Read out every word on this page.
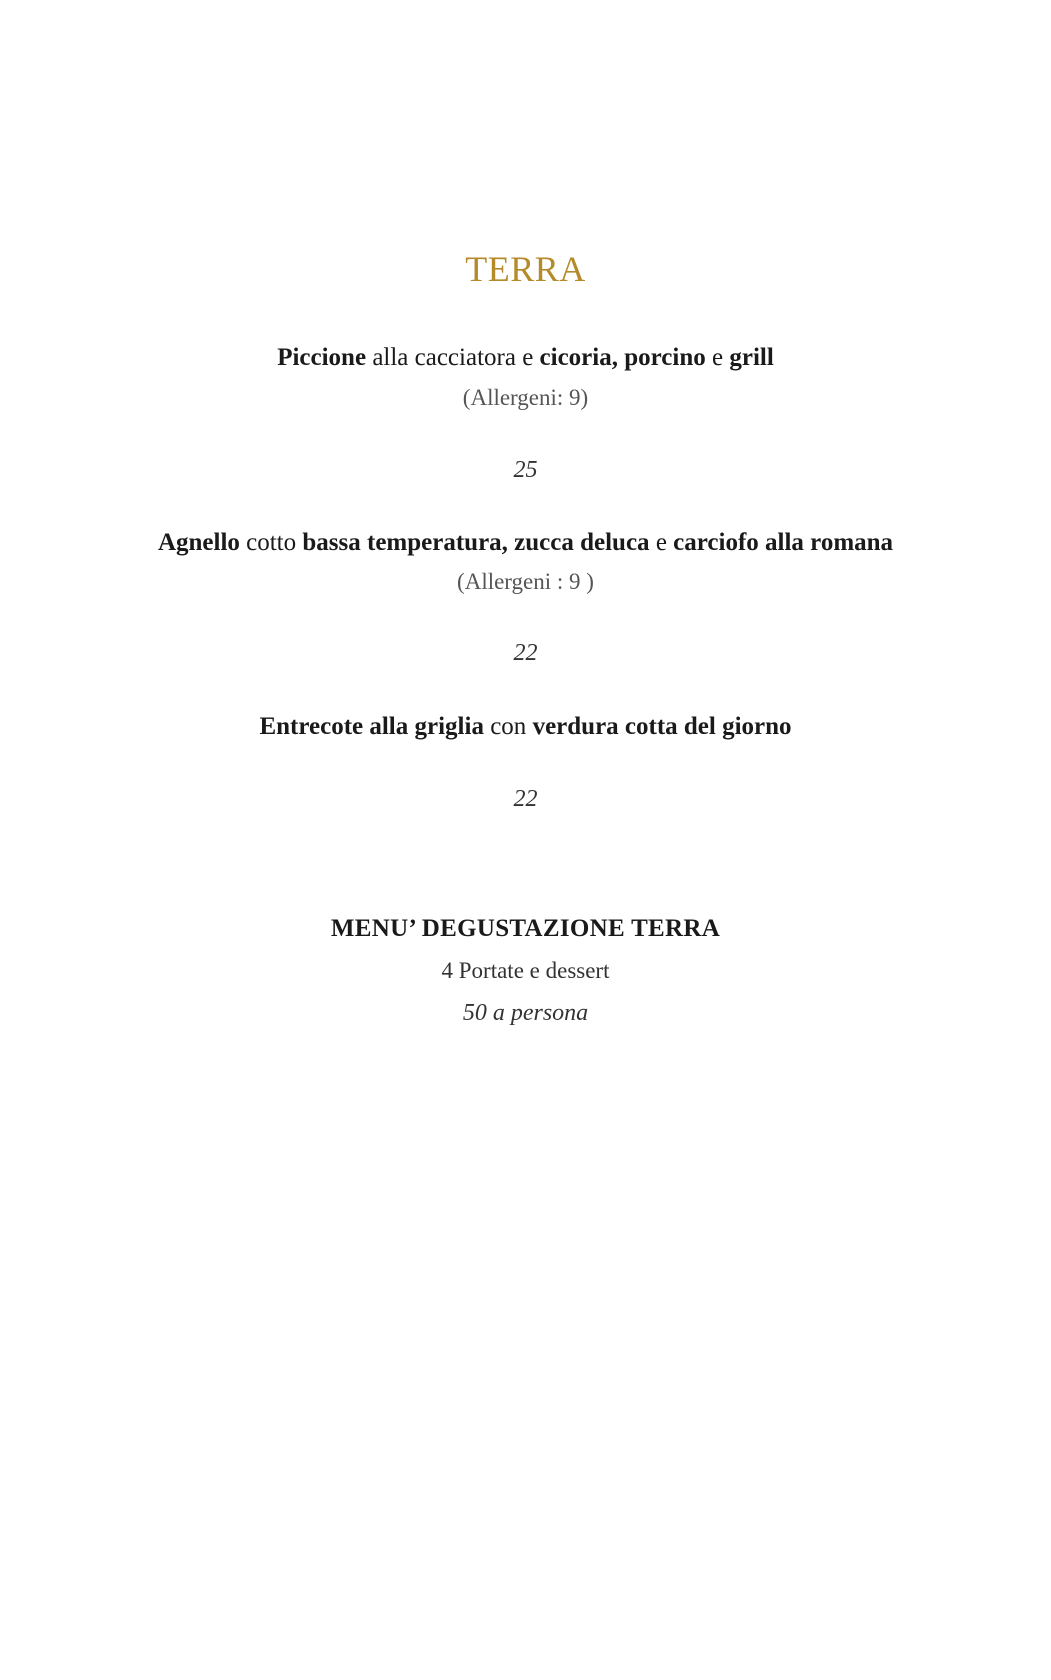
TERRA
Piccione alla cacciatora e cicoria, porcino e grill
(Allergeni: 9)
25
Agnello cotto bassa temperatura, zucca deluca e carciofo alla romana
(Allergeni : 9 )
22
Entrecote alla griglia con verdura cotta del giorno
22
MENU’ DEGUSTAZIONE TERRA
4 Portate e dessert
50 a persona
